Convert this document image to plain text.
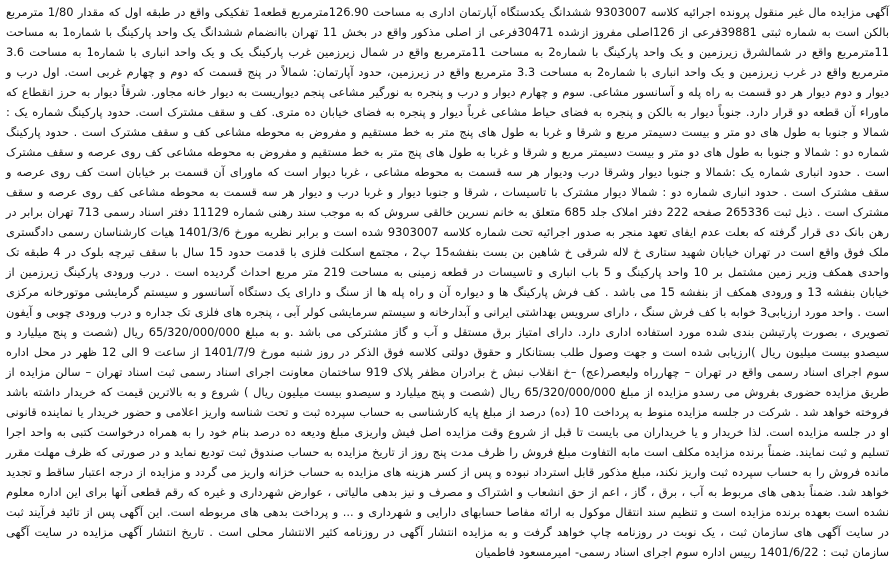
آگهی مزایده مال غیر منقول پرونده اجرائیه کلاسه 9303007 ششدانگ یکدستگاه آپارتمان اداری به مساحت 126.90مترمربع قطعه1 تفکیکی واقع در طبقه اول که مقدار 1/80 مترمربع بالکن است به شماره ثبتی 39881فرعی از 126اصلی مفروز ازشده 30471فرعی از اصلی مذکور واقع در بخش 11 تهران باانضمام ششدانگ یک واحد پارکینگ با شماره1 به مساحت 11مترمربع واقع در شمالشرق زیرزمین و یک واحد پارکینگ با شماره2 به مساحت 11مترمربع واقع در شمال زیرزمین غرب پارکینگ یک و یک واحد انباری با شماره1 به مساحت 3.6 مترمربع واقع در غرب زیرزمین و یک واحد انباری با شماره2 به مساحت 3.3 مترمربع واقع در زیرزمین، حدود آپارتمان: شمالاً در پنج قسمت که دوم و چهارم غربی است. اول درب و دیوار و دوم دیوار هر دو قسمت به راه پله و آسانسور مشاعی. سوم و چهارم دیوار و درب و پنجره به نورگیر مشاعی پنجم دیواریست به دیوار خانه مجاور. شرقاً دیوار به حرز انقطاع که ماوراء آن قطعه دو قرار دارد. جنوباً دیوار به بالکن و پنجره به فضای حیاط مشاعی غرباً دیوار و پنجره به فضای خیابان ده متری. کف و سقف مشترک است. حدود پارکینگ شماره یک : شمالا و جنوبا به طول های دو متر و بیست دسیمتر مربع و شرقا و غربا به طول های پنج متر به خط مستقیم و مفروض به محوطه مشاعی کف و سقف مشترک است . حدود پارکینگ شماره دو : شمالا و جنوبا به طول های دو متر و بیست دسیمتر مربع و شرقا و غربا به طول های پنج متر به خط مستقیم و مفروض به محوطه مشاعی کف روی عرصه و سقف مشترک است . حدود انباری شماره یک :شمالا و جنوبا دیوار وشرقا درب ودیوار هر سه قسمت به محوطه مشاعی ، غربا دیوار است که ماورای آن قسمت بر خیابان است کف روی عرصه و سقف مشترک است . حدود انباری شماره دو : شمالا دیوار مشترک با تاسیسات ، شرقا و جنوبا دیوار و غربا درب و دیوار هر سه قسمت به محوطه مشاعی کف روی عرصه و سقف مشترک است . ذیل ثبت 265336 صفحه 222 دفتر املاک جلد 685 متعلق به خانم نسرین خالقی سروش که به موجب سند رهنی شماره 11129 دفتر اسناد رسمی 713 تهران برابر در رهن بانک دی قرار گرفته که بعلت عدم ایفای تعهد منجر به صدور اجرائیه تحت شماره کلاسه 9303007 شده است و برابر نظریه مورخ 1401/3/6 هیات کارشناسان رسمی دادگستری ملک فوق واقع است در تهران خیابان شهید ستاری خ لاله شرقی خ شاهین بن بست بنفشه15 پ2 ، مجتمع اسکلت فلزی با قدمت حدود 15 سال با سقف تیرچه بلوک در 4 طبقه تک واحدی همکف وزیر زمین مشتمل بر 10 واحد پارکینگ و 5 باب انباری و تاسیسات در قطعه زمینی به مساحت 219 متر مربع احداث گردیده است . درب ورودی پارکینگ زیرزمین از خیابان بنفشه 13 و ورودی همکف از بنفشه 15 می باشد . کف فرش پارکینگ ها و دیواره آن و راه پله ها از سنگ و دارای یک دستگاه آسانسور و سیستم گرمایشی موتورخانه مرکزی است . واحد مورد ارزیابی3 خوابه با کف فرش سنگ ، دارای سرویس بهداشتی ایرانی و آبدارخانه و سیستم سرمایشی کولر آبی ، پنجره های فلزی تک جداره و درب ورودی چوبی و آیفون تصویری ، بصورت پارتیشن بندی شده مورد استفاده اداری دارد. دارای امتیاز برق مستقل و آب و گاز مشترکی می باشد .و به مبلغ 65/320/000/000 ریال (شصت و پنج میلیارد و سیصدو بیست میلیون ریال )ارزیابی شده است و جهت وصول طلب بستانکار و حقوق دولتی کلاسه فوق الذکر در روز شنبه مورخ 1401/7/9 از ساعت 9 الی 12 ظهر در محل اداره سوم اجرای اسناد رسمی واقع در تهران – چهارراه ولیعصر(عج) –خ انقلاب نبش خ برادران مظفر پلاک 919 ساختمان معاونت اجرای اسناد رسمی ثبت اسناد تهران – سالن مزایده از طریق مزایده حضوری بفروش می رسدو مزایده از مبلغ 65/320/000/000 ریال (شصت و پنج میلیارد و سیصدو بیست میلیون ریال ) شروع و به بالاترین قیمت که خریدار داشته باشد فروخته خواهد شد . شرکت در جلسه مزایده منوط به پرداخت 10 (ده) درصد از مبلغ پایه کارشناسی به حساب سپرده ثبت و تحت شناسه واریز اعلامی و حضور خریدار یا نماینده قانونی او در جلسه مزایده است. لذا خریدار و یا خریداران می بایست تا قبل از شروع وقت مزایده اصل فیش واریزی مبلغ ودیعه ده درصد بنام خود را به همراه درخواست کتبی به واحد اجرا تسلیم و ثبت نمایند. ضمناً برنده مزایده مکلف است مابه التفاوت مبلغ فروش را ظرف مدت پنج روز از تاریخ مزایده به حساب صندوق ثبت تودیع نماید و در صورتی که ظرف مهلت مقرر مانده فروش را به حساب سپرده ثبت واریز نکند، مبلغ مذکور قابل استرداد نبوده و پس از کسر هزینه های مزایده به حساب خزانه واریز می گردد و مزایده از درجه اعتبار ساقط و تجدید خواهد شد. ضمناً بدهی های مربوط به آب ، برق ، گاز ، اعم از حق انشعاب و اشتراک و مصرف و نیز بدهی مالیاتی ، عوارض شهرداری و غیره که رقم قطعی آنها برای این اداره معلوم نشده است بعهده برنده مزایده است و تنظیم سند انتقال موکول به ارائه مفاصا حسابهای دارایی و شهرداری و ... و پرداخت بدهی های مربوطه است. این آگهی پس از تائید فرآیند ثبت در سایت آگهی های سازمان ثبت ، یک نوبت در روزنامه چاپ خواهد گرفت و به مزایده انتشار آگهی در روزنامه کثیر الانتشار محلی است . تاریخ انتشار آگهی مزایده در سایت آگهی سازمان ثبت : 1401/6/22 رییس اداره سوم اجرای اسناد رسمی- امیرمسعود فاطمیان
